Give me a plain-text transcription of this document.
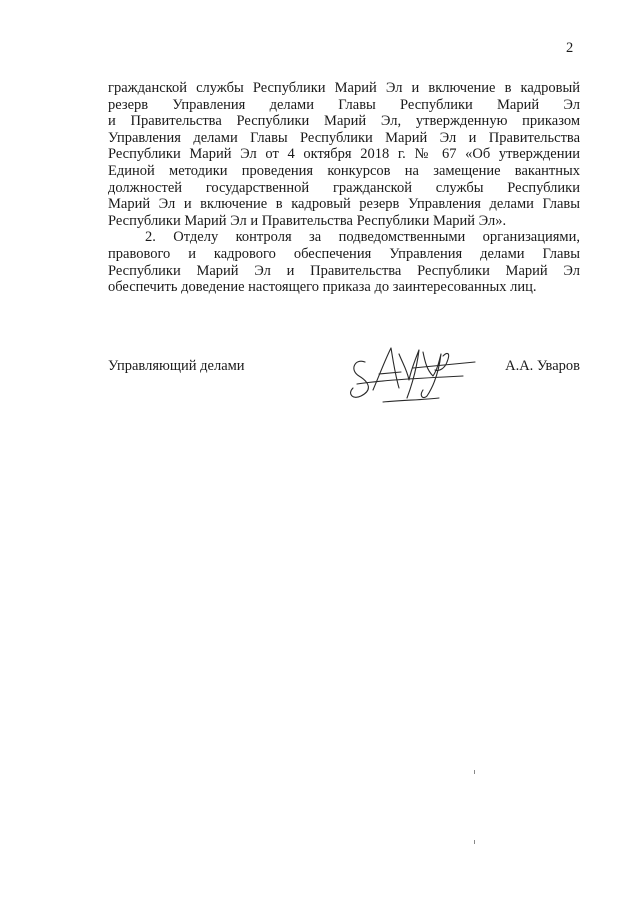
2
гражданской службы Республики Марий Эл и включение в кадровый
резерв Управления делами Главы Республики Марий Эл
и Правительства Республики Марий Эл, утвержденную приказом
Управления делами Главы Республики Марий Эл и Правительства
Республики Марий Эл от 4 октября 2018 г. № 67 «Об утверждении
Единой методики проведения конкурсов на замещение вакантных
должностей государственной гражданской службы Республики
Марий Эл и включение в кадровый резерв Управления делами Главы
Республики Марий Эл и Правительства Республики Марий Эл».
2. Отделу контроля за подведомственными организациями,
правового и кадрового обеспечения Управления делами Главы
Республики Марий Эл и Правительства Республики Марий Эл
обеспечить доведение настоящего приказа до заинтересованных лиц.
Управляющий делами	А.А. Уваров
